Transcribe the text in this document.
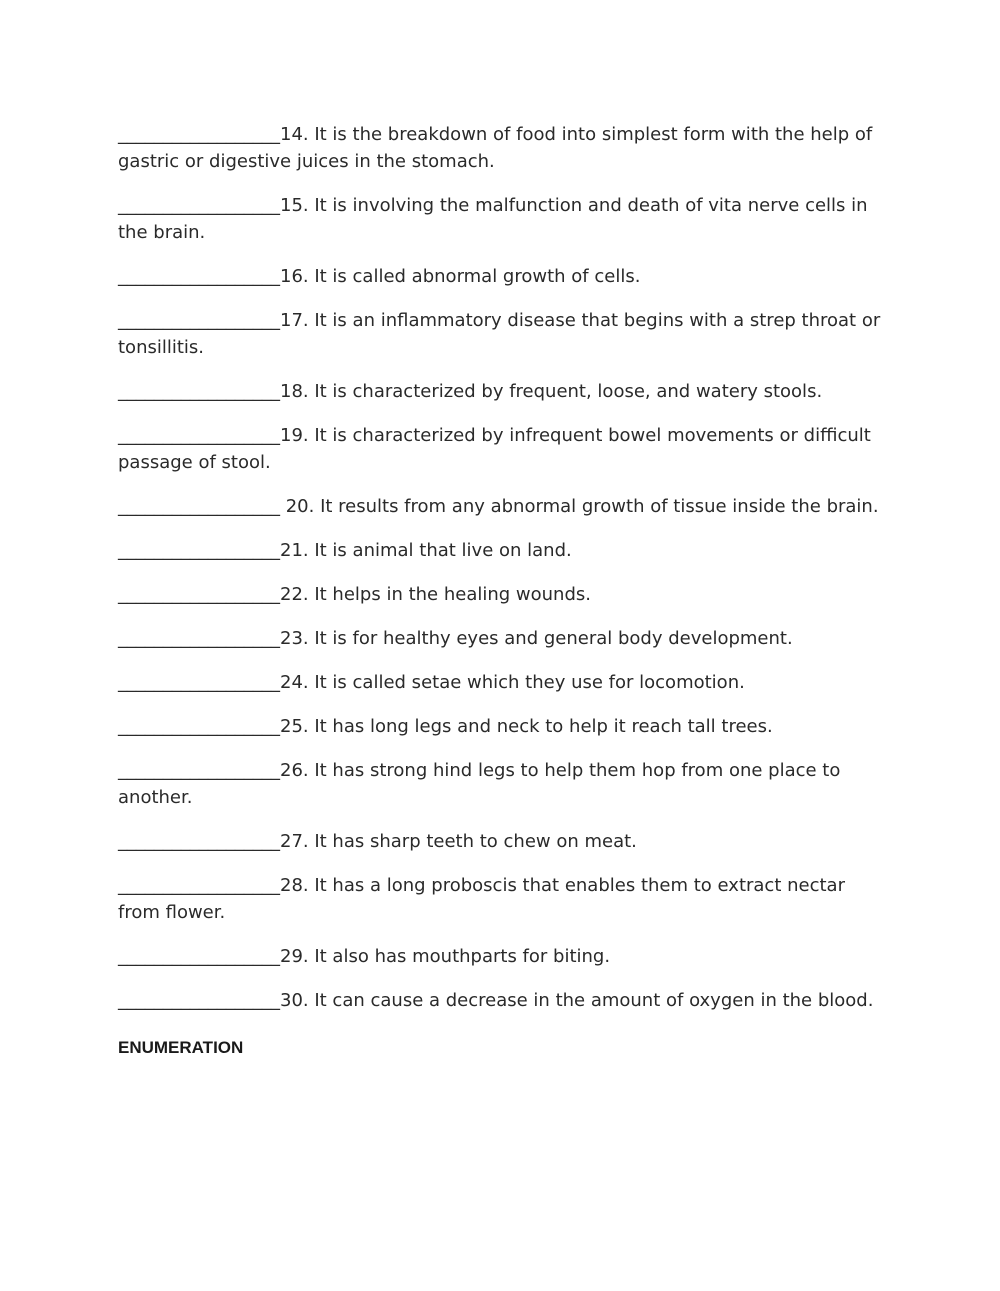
__________________14. It is the breakdown of food into simplest form with the help of gastric or digestive juices in the stomach.
__________________15. It is involving the malfunction and death of vita nerve cells in the brain.
__________________16. It is called abnormal growth of cells.
__________________17. It is an inflammatory disease that begins with a strep throat or tonsillitis.
__________________18. It is characterized by frequent, loose, and watery stools.
__________________19. It is characterized by infrequent bowel movements or difficult passage of stool.
__________________ 20. It results from any abnormal growth of tissue inside the brain.
__________________21. It is animal that live on land.
__________________22. It helps in the healing wounds.
__________________23. It is for healthy eyes and general body development.
__________________24. It is called setae which they use for locomotion.
__________________25. It has long legs and neck to help it reach tall trees.
__________________26. It has strong hind legs to help them hop from one place to another.
__________________27. It has sharp teeth to chew on meat.
__________________28. It has a long proboscis that enables them to extract nectar from flower.
__________________29. It also has mouthparts for biting.
__________________30. It can cause a decrease in the amount of oxygen in the blood.
ENUMERATION
